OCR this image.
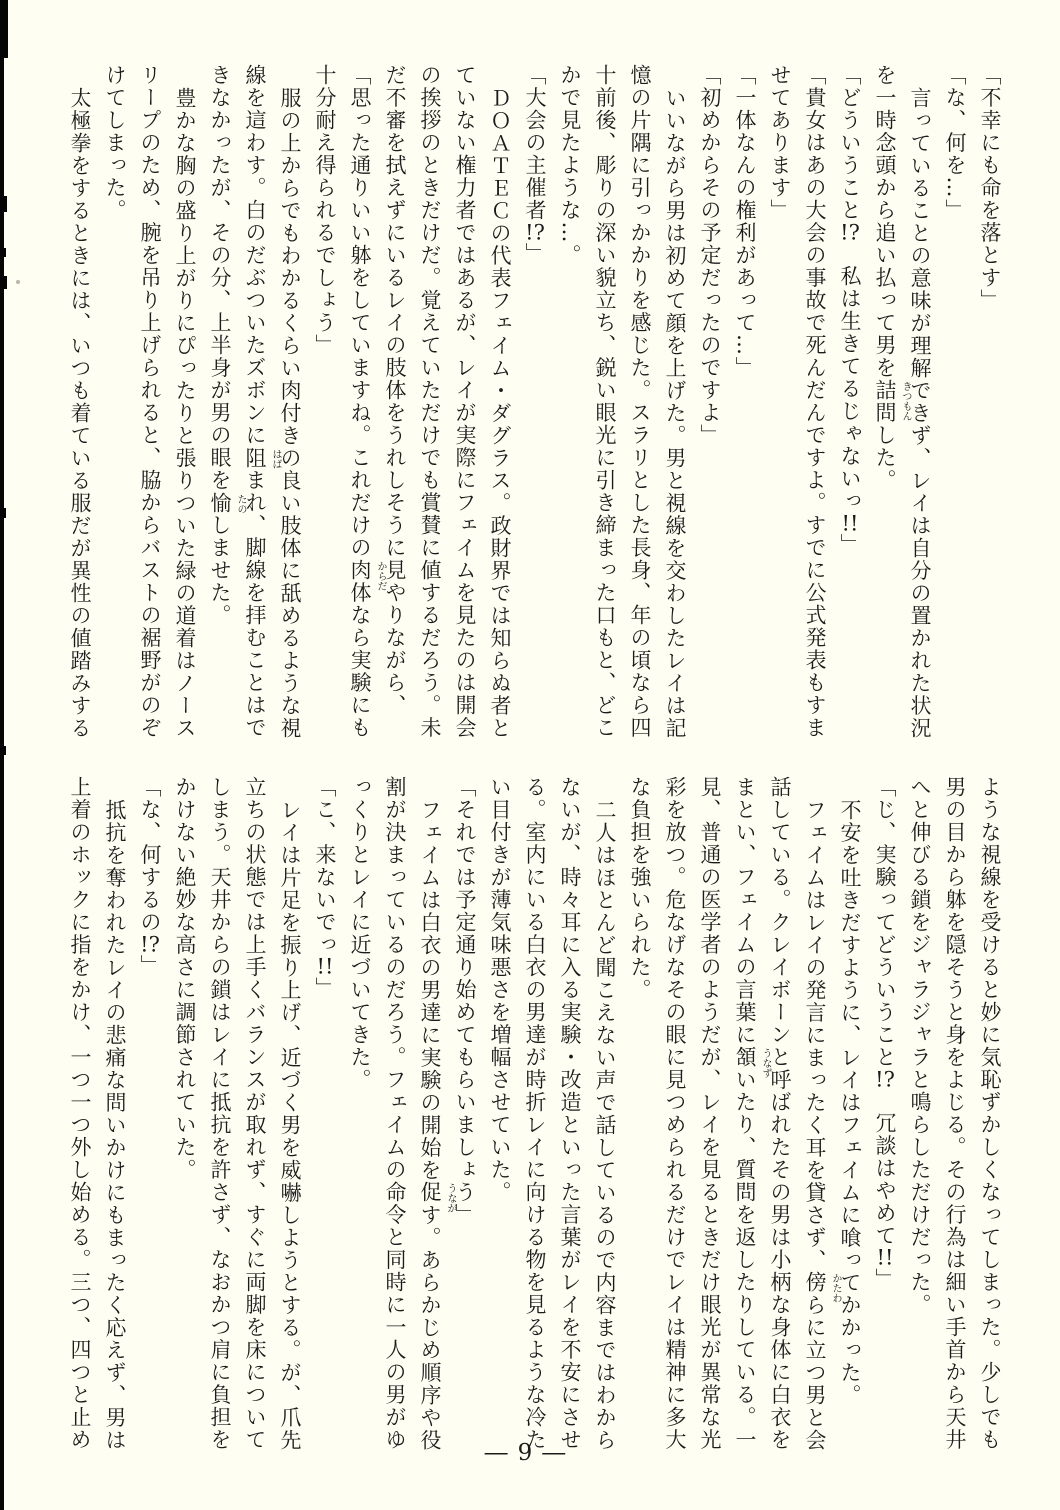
「不幸にも命を落とす」
「な、何を…」
言っていることの意味が理解できず、レイは自分の置かれた状況
を一時念頭から追い払って男を詰問 きつもん
した。
「どういうこと!?　私は生きてるじゃないっ!!」
「貴女はあの大会の事故で死んだんですよ。すでに公式発表もすま
せてあります」
「一体なんの権利があって…」
「初めからその予定だったのですよ」
いいながら男は初めて顔を上げた。男と視線を交わしたレイは記
憶の片隅に引っかかりを感じた。スラリとした長身、年の頃なら四
十前後、彫りの深い貌立ち、鋭い眼光に引き締まった口もと、どこ
かで見たような…。
「大会の主催者!?」
ＤＯＡＴＥＣの代表フェイム・ダグラス。政財界では知らぬ者と
ていない権力者ではあるが、レイが実際にフェイムを見たのは開会
の挨拶のときだけだ。覚えていただけでも賞賛に値するだろう。未
だ不審を拭えずにいるレイの肢体をうれしそうに見やりながら、
「思った通りいい躰をしていますね。これだけの肉体 からだ
なら実験にも
十分耐え得られるでしょう」
服の上からでもわかるくらい肉付きの良い肢体に舐めるような視
線を這わす。白のだぶついたズボンに阻 はば
まれ、脚線を拝むことはで
きなかったが、その分、上半身が男の眼を愉 たの
しませた。
豊かな胸の盛り上がりにぴったりと張りついた緑の道着はノース
リープのため、腕を吊り上げられると、脇からバストの裾野がのぞ
けてしまった。
太極拳をするときには、いつも着ている服だが異性の値踏みする
ような視線を受けると妙に気恥ずかしくなってしまった。少しでも
男の目から躰を隠そうと身をよじる。その行為は細い手首から天井
へと伸びる鎖をジャラジャラと鳴らしただけだった。
「じ、実験ってどういうこと!?　冗談はやめて!!」
不安を吐きだすように、レイはフェイムに喰ってかかった。
フェイムはレイの発言にまったく耳を貸さず、傍 かたわ
らに立つ男と会
話している。クレイボーンと呼ばれたその男は小柄な身体に白衣を
まとい、フェイムの言葉に頷 うなず
いたり、質問を返したりしている。一
見、普通の医学者のようだが、レイを見るときだけ眼光が異常な光
彩を放つ。危なげなその眼に見つめられるだけでレイは精神に多大
な負担を強いられた。
二人はほとんど聞こえない声で話しているので内容まではわから
ないが、時々耳に入る実験・改造といった言葉がレイを不安にさせ
る。室内にいる白衣の男達が時折レイに向ける物を見るような冷た
い目付きが薄気味悪さを増幅させていた。
「それでは予定通り始めてもらいましょう」
フェイムは白衣の男達に実験の開始を促 うなが
す。あらかじめ順序や役
割が決まっているのだろう。フェイムの命令と同時に一人の男がゆ
っくりとレイに近づいてきた。
「こ、来ないでっ!!」
レイは片足を振り上げ、近づく男を威嚇しようとする。が、爪先
立ちの状態では上手くバランスが取れず、すぐに両脚を床について
しまう。天井からの鎖はレイに抵抗を許さず、なおかつ肩に負担を
かけない絶妙な高さに調節されていた。
「な、何するの!?」
抵抗を奪われたレイの悲痛な問いかけにもまったく応えず、男は
上着のホックに指をかけ、一つ一つ外し始める。三つ、四つと止め
―9―
